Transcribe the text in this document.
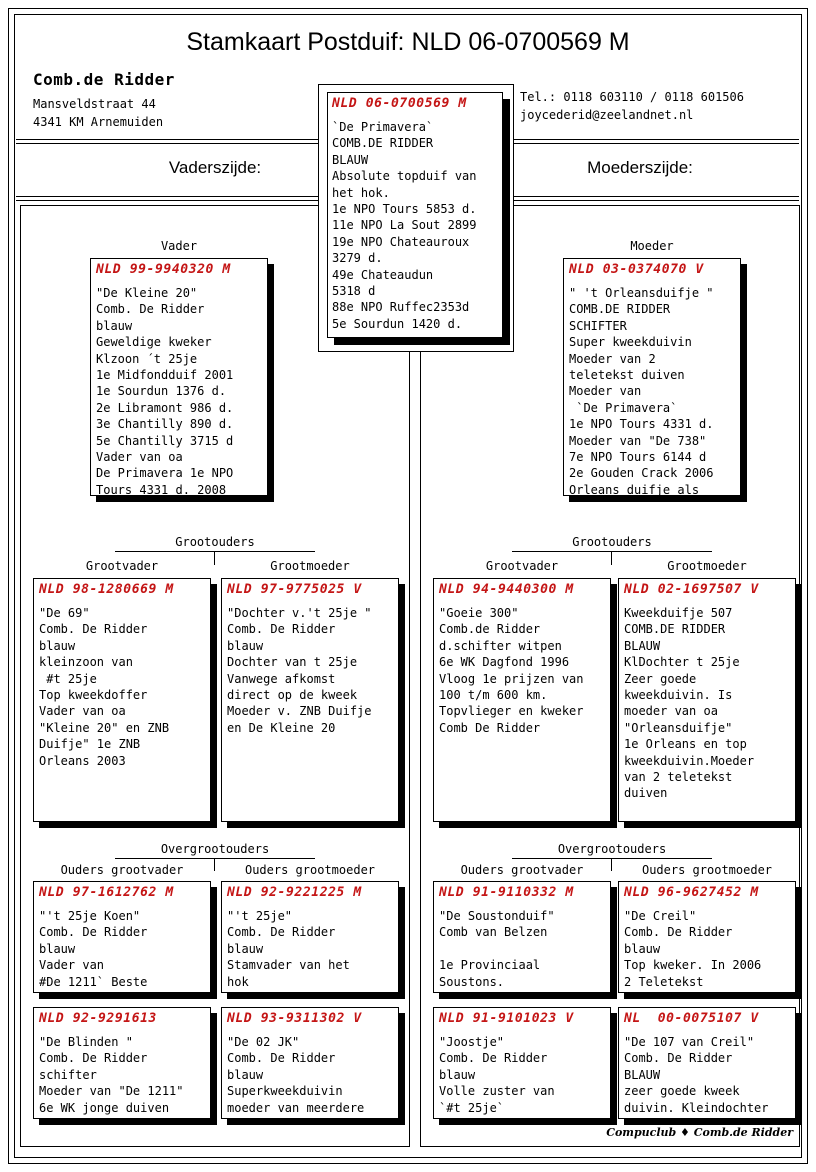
Stamkaart Postduif: NLD 06-0700569 M
Comb.de Ridder
Mansveldstraat 44
4341 KM Arnemuiden
Tel.: 0118 603110 / 0118 601506
joycederid@zeelandnet.nl
Vaderszijde:	Moederszijde:
NLD 06-0700569 M
`De Primavera`
COMB.DE RIDDER
BLAUW
Absolute topduif van
het hok.
1e NPO Tours 5853 d.
11e NPO La Sout 2899
19e NPO Chateauroux
3279 d.
49e Chateaudun
5318 d
88e NPO Ruffec2353d
5e Sourdun 1420 d.
Vader
NLD 99-9940320 M
"De Kleine 20"
Comb. De Ridder
blauw
Geweldige kweker
Klzoon ´t 25je
1e Midfondduif 2001
1e Sourdun 1376 d.
2e Libramont 986 d.
3e Chantilly 890 d.
5e Chantilly 3715 d
Vader van oa
De Primavera 1e NPO
Tours 4331 d. 2008
Moeder
NLD 03-0374070 V
" 't Orleansduifje "
COMB.DE RIDDER
SCHIFTER
Super kweekduivin
Moeder van 2
teletekst duiven
Moeder van
`De Primavera`
1e NPO Tours 4331 d.
Moeder van "De 738"
7e NPO Tours 6144 d
2e Gouden Crack 2006
Orleans duifje als
Grootouders
Grootvader	Grootmoeder
NLD 98-1280669 M
"De 69"
Comb. De Ridder
blauw
kleinzoon van
#t 25je
Top kweekdoffer
Vader van oa
"Kleine 20" en ZNB
Duifje" 1e ZNB
Orleans 2003
NLD 97-9775025 V
"Dochter v.'t 25je "
Comb. De Ridder
blauw
Dochter van t 25je
Vanwege afkomst
direct op de kweek
Moeder v. ZNB Duifje
en De Kleine 20
Grootouders
Grootvader	Grootmoeder
NLD 94-9440300 M
"Goeie 300"
Comb.de Ridder
d.schifter witpen
6e WK Dagfond 1996
Vloog 1e prijzen van
100 t/m 600 km.
Topvlieger en kweker
Comb De Ridder
NLD 02-1697507 V
Kweekduifje 507
COMB.DE RIDDER
BLAUW
KlDochter t 25je
Zeer goede
kweekduivin. Is
moeder van oa
"Orleansduifje"
1e Orleans en top
kweekduivin.Moeder
van 2 teletekst
duiven
Overgrootouders
Ouders grootvader	Ouders grootmoeder
NLD 97-1612762 M
"'t 25je Koen"
Comb. De Ridder
blauw
Vader van
#De 1211` Beste
NLD 92-9221225 M
"'t 25je"
Comb. De Ridder
blauw
Stamvader van het
hok
NLD 92-9291613
"De Blinden "
Comb. De Ridder
schifter
Moeder van "De 1211"
6e WK jonge duiven
NLD 93-9311302 V
"De 02 JK"
Comb. De Ridder
blauw
Superkweekduivin
moeder van meerdere
Overgrootouders
Ouders grootvader	Ouders grootmoeder
NLD 91-9110332 M
"De Soustonduif"
Comb van Belzen
1e Provinciaal
Soustons.
NLD 96-9627452 M
"De Creil"
Comb. De Ridder
blauw
Top kweker. In 2006
2 Teletekst
NLD 91-9101023 V
"Joostje"
Comb. De Ridder
blauw
Volle zuster van
`#t 25je`
NL  00-0075107 V
"De 107 van Creil"
Comb. De Ridder
BLAUW
zeer goede kweek
duivin. Kleindochter
Compuclub ♦ Comb.de Ridder
